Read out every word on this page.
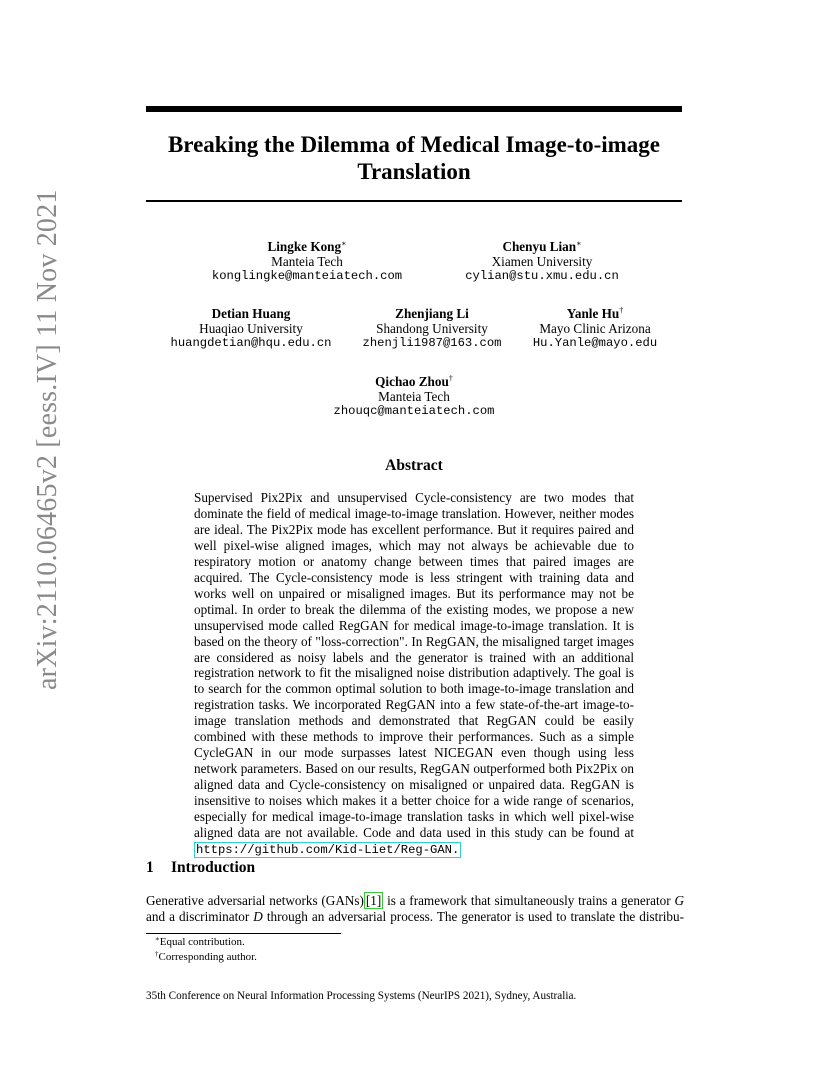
arXiv:2110.06465v2 [eess.IV] 11 Nov 2021
Breaking the Dilemma of Medical Image-to-image
Translation
Lingke Kong∗
Manteia Tech
konglingke@manteiatech.com
Chenyu Lian∗
Xiamen University
cylian@stu.xmu.edu.cn
Detian Huang
Huaqiao University
huangdetian@hqu.edu.cn
Zhenjiang Li
Shandong University
zhenjli1987@163.com
Yanle Hu†
Mayo Clinic Arizona
Hu.Yanle@mayo.edu
Qichao Zhou†
Manteia Tech
zhouqc@manteiatech.com
Abstract
Supervised Pix2Pix and unsupervised Cycle-consistency are two modes that dominate the field of medical image-to-image translation. However, neither modes are ideal. The Pix2Pix mode has excellent performance. But it requires paired and well pixel-wise aligned images, which may not always be achievable due to respiratory motion or anatomy change between times that paired images are acquired. The Cycle-consistency mode is less stringent with training data and works well on unpaired or misaligned images. But its performance may not be optimal. In order to break the dilemma of the existing modes, we propose a new unsupervised mode called RegGAN for medical image-to-image translation. It is based on the theory of "loss-correction". In RegGAN, the misaligned target images are considered as noisy labels and the generator is trained with an additional registration network to fit the misaligned noise distribution adaptively. The goal is to search for the common optimal solution to both image-to-image translation and registration tasks. We incorporated RegGAN into a few state-of-the-art image-to-image translation methods and demonstrated that RegGAN could be easily combined with these methods to improve their performances. Such as a simple CycleGAN in our mode surpasses latest NICEGAN even though using less network parameters. Based on our results, RegGAN outperformed both Pix2Pix on aligned data and Cycle-consistency on misaligned or unpaired data. RegGAN is insensitive to noises which makes it a better choice for a wide range of scenarios, especially for medical image-to-image translation tasks in which well pixel-wise aligned data are not available. Code and data used in this study can be found at https://github.com/Kid-Liet/Reg-GAN.
1 Introduction
Generative adversarial networks (GANs) [1] is a framework that simultaneously trains a generator G
and a discriminator D through an adversarial process. The generator is used to translate the distribu-
∗Equal contribution.
†Corresponding author.
35th Conference on Neural Information Processing Systems (NeurIPS 2021), Sydney, Australia.
